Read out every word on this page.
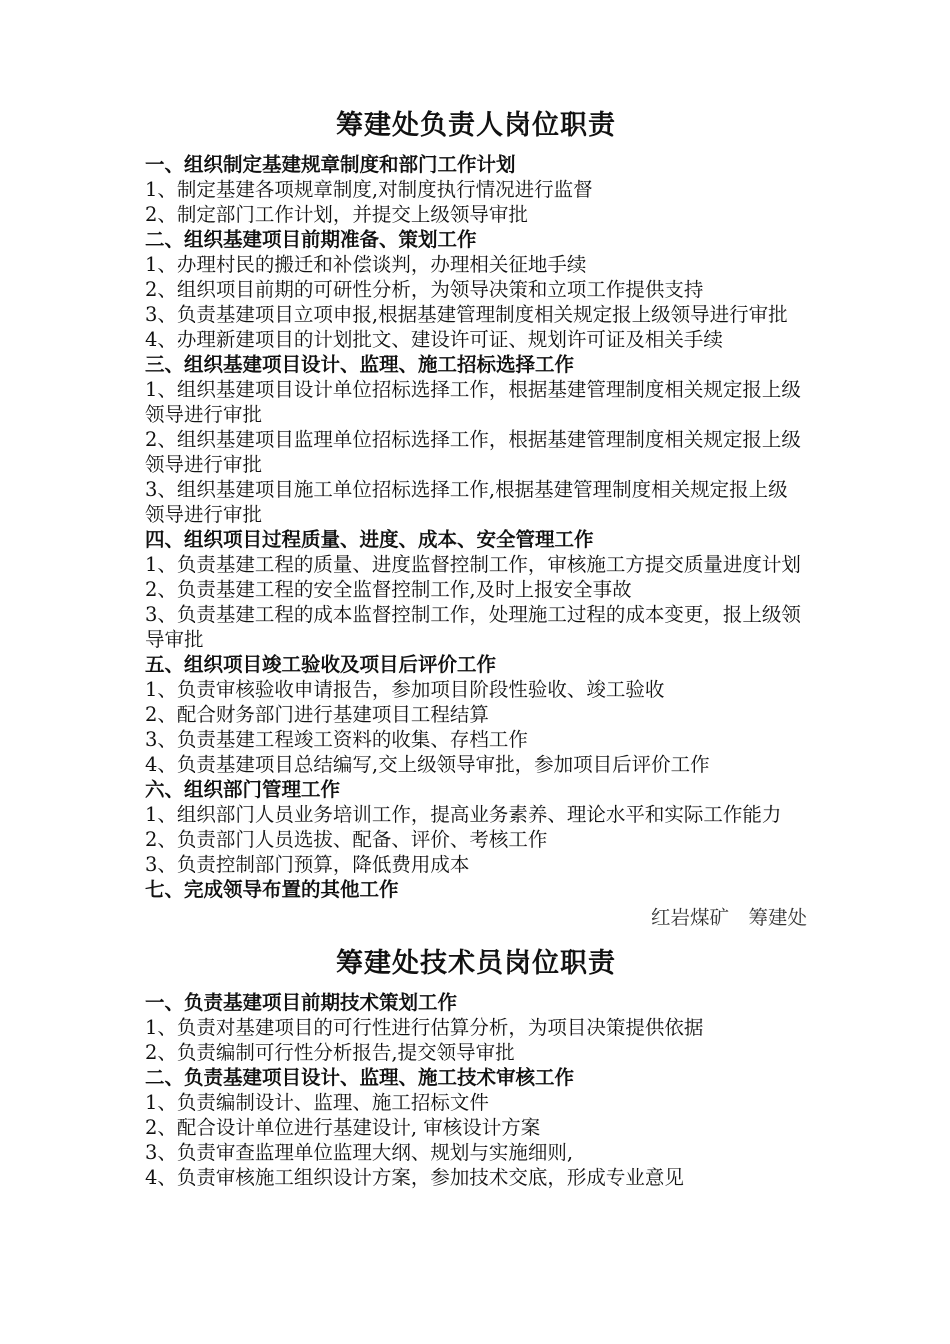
筹建处负责人岗位职责
一、组织制定基建规章制度和部门工作计划
1、制定基建各项规章制度,对制度执行情况进行监督
2、制定部门工作计划，并提交上级领导审批
二、组织基建项目前期准备、策划工作
1、办理村民的搬迁和补偿谈判，办理相关征地手续
2、组织项目前期的可研性分析，为领导决策和立项工作提供支持
3、负责基建项目立项申报,根据基建管理制度相关规定报上级领导进行审批
4、办理新建项目的计划批文、建设许可证、规划许可证及相关手续
三、组织基建项目设计、监理、施工招标选择工作
1、组织基建项目设计单位招标选择工作，根据基建管理制度相关规定报上级领导进行审批
2、组织基建项目监理单位招标选择工作，根据基建管理制度相关规定报上级领导进行审批
3、组织基建项目施工单位招标选择工作,根据基建管理制度相关规定报上级领导进行审批
四、组织项目过程质量、进度、成本、安全管理工作
1、负责基建工程的质量、进度监督控制工作，审核施工方提交质量进度计划
2、负责基建工程的安全监督控制工作,及时上报安全事故
3、负责基建工程的成本监督控制工作，处理施工过程的成本变更，报上级领导审批
五、组织项目竣工验收及项目后评价工作
1、负责审核验收申请报告，参加项目阶段性验收、竣工验收
2、配合财务部门进行基建项目工程结算
3、负责基建工程竣工资料的收集、存档工作
4、负责基建项目总结编写,交上级领导审批，参加项目后评价工作
六、组织部门管理工作
1、组织部门人员业务培训工作，提高业务素养、理论水平和实际工作能力
2、负责部门人员选拔、配备、评价、考核工作
3、负责控制部门预算，降低费用成本
七、完成领导布置的其他工作
红岩煤矿　筹建处
筹建处技术员岗位职责
一、负责基建项目前期技术策划工作
1、负责对基建项目的可行性进行估算分析，为项目决策提供依据
2、负责编制可行性分析报告,提交领导审批
二、负责基建项目设计、监理、施工技术审核工作
1、负责编制设计、监理、施工招标文件
2、配合设计单位进行基建设计, 审核设计方案
3、负责审查监理单位监理大纲、规划与实施细则,
4、负责审核施工组织设计方案，参加技术交底，形成专业意见
